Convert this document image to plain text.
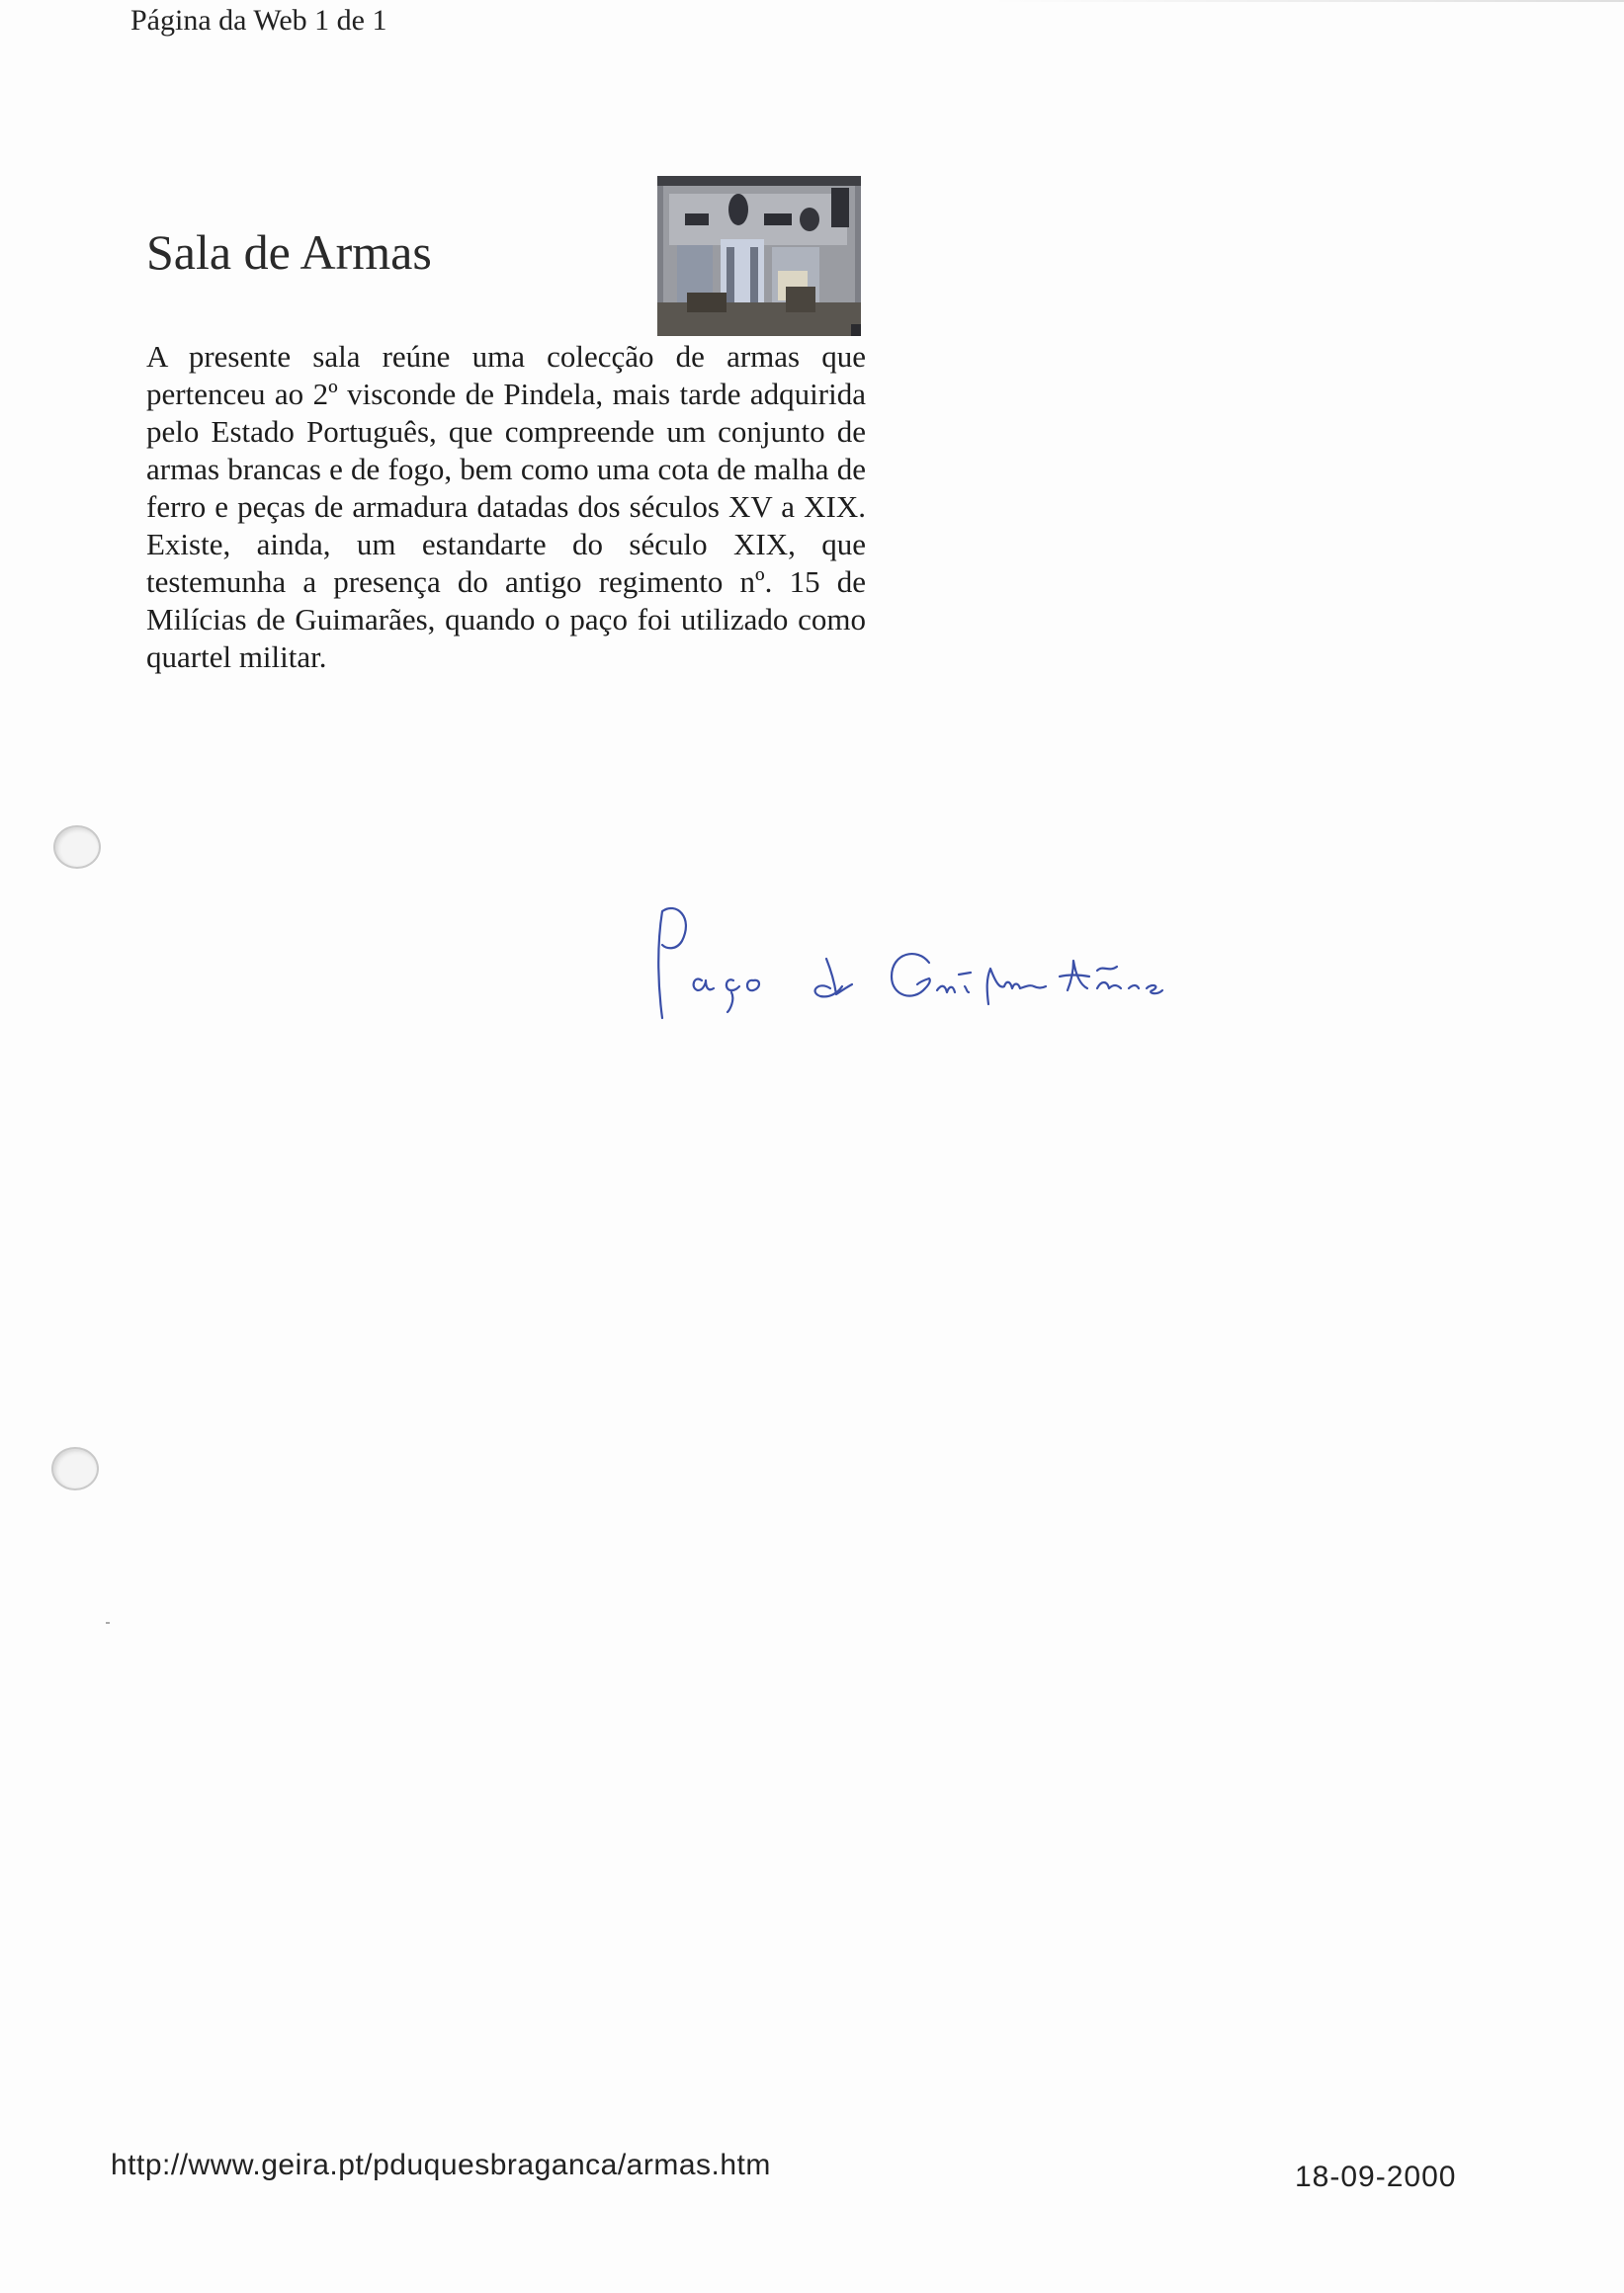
Página da Web 1 de 1
Sala de Armas

A presente sala reúne uma colecção de armas que pertenceu ao 2º visconde de Pindela, mais tarde adquirida pelo Estado Português, que compreende um conjunto de armas brancas e de fogo, bem como uma cota de malha de ferro e peças de armadura datadas dos séculos XV a XIX. Existe, ainda, um estandarte do século XIX, que testemunha a presença do antigo regimento nº. 15 de Milícias de Guimarães, quando o paço foi utilizado como quartel militar.

http://www.geira.pt/pduquesbraganca/armas.htm	18-09-2000
